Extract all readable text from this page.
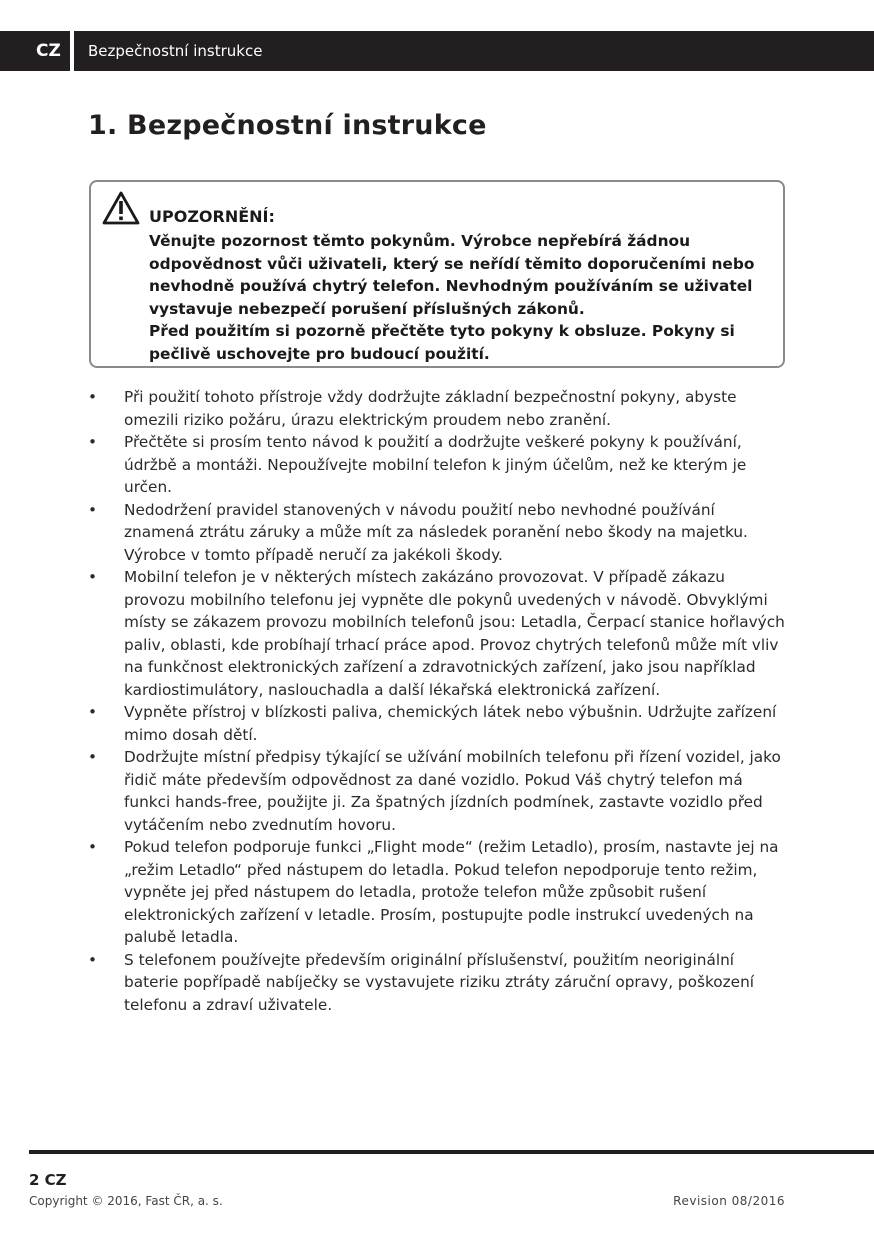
CZ	Bezpečnostní instrukce
1. Bezpečnostní instrukce
UPOZORNĚNÍ:

Věnujte pozornost těmto pokynům. Výrobce nepřebírá žádnou odpovědnost vůči uživateli, který se neřídí těmito doporučeními nebo nevhodně používá chytrý telefon. Nevhodným používáním se uživatel vystavuje nebezpečí porušení příslušných zákonů.

Před použitím si pozorně přečtěte tyto pokyny k obsluze. Pokyny si pečlivě uschovejte pro budoucí použití.

• Při použití tohoto přístroje vždy dodržujte základní bezpečnostní pokyny, abyste omezili riziko požáru, úrazu elektrickým proudem nebo zranění.
• Přečtěte si prosím tento návod k použití a dodržujte veškeré pokyny k používání, údržbě a montáži. Nepoužívejte mobilní telefon k jiným účelům, než ke kterým je určen.
• Nedodržení pravidel stanovených v návodu použití nebo nevhodné používání znamená ztrátu záruky a může mít za následek poranění nebo škody na majetku. Výrobce v tomto případě neručí za jakékoli škody.
• Mobilní telefon je v některých místech zakázáno provozovat. V případě zákazu provozu mobilního telefonu jej vypněte dle pokynů uvedených v návodě. Obvyklými místy se zákazem provozu mobilních telefonů jsou: Letadla, Čerpací stanice hořlavých paliv, oblasti, kde probíhají trhací práce apod. Provoz chytrých telefonů může mít vliv na funkčnost elektronických zařízení a zdravotnických zařízení, jako jsou například kardiostimulátory, naslouchadla a další lékařská elektronická zařízení.
• Vypněte přístroj v blízkosti paliva, chemických látek nebo výbušnin. Udržujte zařízení mimo dosah dětí.
• Dodržujte místní předpisy týkající se užívání mobilních telefonu při řízení vozidel, jako řidič máte především odpovědnost za dané vozidlo. Pokud Váš chytrý telefon má funkci hands-free, použijte ji. Za špatných jízdních podmínek, zastavte vozidlo před vytáčením nebo zvednutím hovoru.
• Pokud telefon podporuje funkci „Flight mode“ (režim Letadlo), prosím, nastavte jej na „režim Letadlo“ před nástupem do letadla. Pokud telefon nepodporuje tento režim, vypněte jej před nástupem do letadla, protože telefon může způsobit rušení elektronických zařízení v letadle. Prosím, postupujte podle instrukcí uvedených na palubě letadla.
• S telefonem používejte především originální příslušenství, použitím neoriginální baterie popřípadě nabíječky se vystavujete riziku ztráty záruční opravy, poškození telefonu a zdraví uživatele.
2 CZ
Copyright © 2016, Fast ČR, a. s.	Revision 08/2016
